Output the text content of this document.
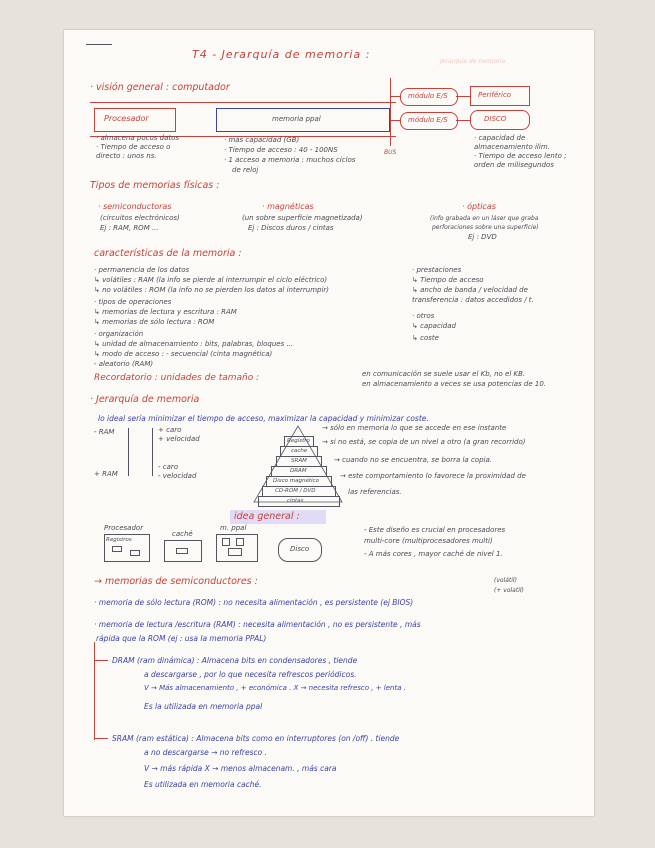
T4 - Jerarquía de memoria :
Jerarquía de memoria
· visión general : computador
Procesador	memoria ppal
BUS
módulo E/S
módulo E/S
Periférico
DISCO
· almacena pocos datos
· Tiempo de acceso o
directo : unos ns.
· más capacidad (GB)
· Tiempo de acceso : 40 - 100NS
· 1 acceso a memoria : muchos ciclos
de reloj
· capacidad de
almacenamiento ilim.
· Tiempo de acceso lento ;
orden de milisegundos
Tipos de memorias físicas :
· semiconductoras
(circuitos electrónicos)
Ej : RAM, ROM ...
· magnéticas
(un sobre superficie magnetizada)
Ej : Discos duros / cintas
· ópticas
(info grabada en un láser que graba
perforaciones sobre una superficie)
Ej : DVD
características de la memoria :
· permanencia de los datos
↳ volátiles : RAM (la info se pierde al interrumpir el ciclo eléctrico)
↳ no volátiles : ROM (la info no se pierden los datos al interrumpir)
· tipos de operaciones
↳ memorias de lectura y escritura : RAM
↳ memorias de sólo lectura : ROM
· organización
↳ unidad de almacenamiento : bits, palabras, bloques ...
↳ modo de acceso : - secuencial (cinta magnética)
- aleatorio (RAM)
· prestaciones
↳ Tiempo de acceso
↳ ancho de banda / velocidad de
transferencia : datos accedidos / t.
· otros
↳ capacidad
↳ coste
Recordatorio : unidades de tamaño :	en comunicación se suele usar el Kb, no el KB.
en almacenamiento a veces se usa potencias de 10.
· Jerarquía de memoria
lo ideal sería minimizar el tiempo de acceso, maximizar la capacidad y minimizar coste.
- RAM
+ RAM
+ caro
+ velocidad
- caro
- velocidad
Registro
cache
SRAM
DRAM
Disco magnético
CD-ROM / DVD
cintas
→ sólo en memoria lo que se accede en ese instante
→ si no está, se copia de un nivel a otro (a gran recorrido)
→ cuando no se encuentra, se borra la copia.
→ este comportamiento lo favorece la proximidad de
las referencias.
idea general :
Procesador
Registros
caché
m. ppal
Disco
- Este diseño es crucial en procesadores
multi-core (multiprocesadores multi)
- A más cores , mayor caché de nivel 1.
→ memorias de semiconductores :	(volátil)
(+ volatil)
· memoria de sólo lectura (ROM) : no necesita alimentación , es persistente (ej BIOS)
· memoria de lectura /escritura (RAM) : necesita alimentación , no es persistente , más
rápida que la ROM (ej : usa la memoria PPAL)
DRAM (ram dinámica) : Almacena bits en condensadores , tiende
a descargarse , por lo que necesita refrescos periódicos.
V → Más almacenamiento , + económica . X → necesita refresco , + lenta .
Es la utilizada en memoria ppal
SRAM (ram estática) : Almacena bits como en interruptores (on /off) . tiende
a no descargarse → no refresco .
V → más rápida X → menos almacenam. , más cara
Es utilizada en memoria caché.
